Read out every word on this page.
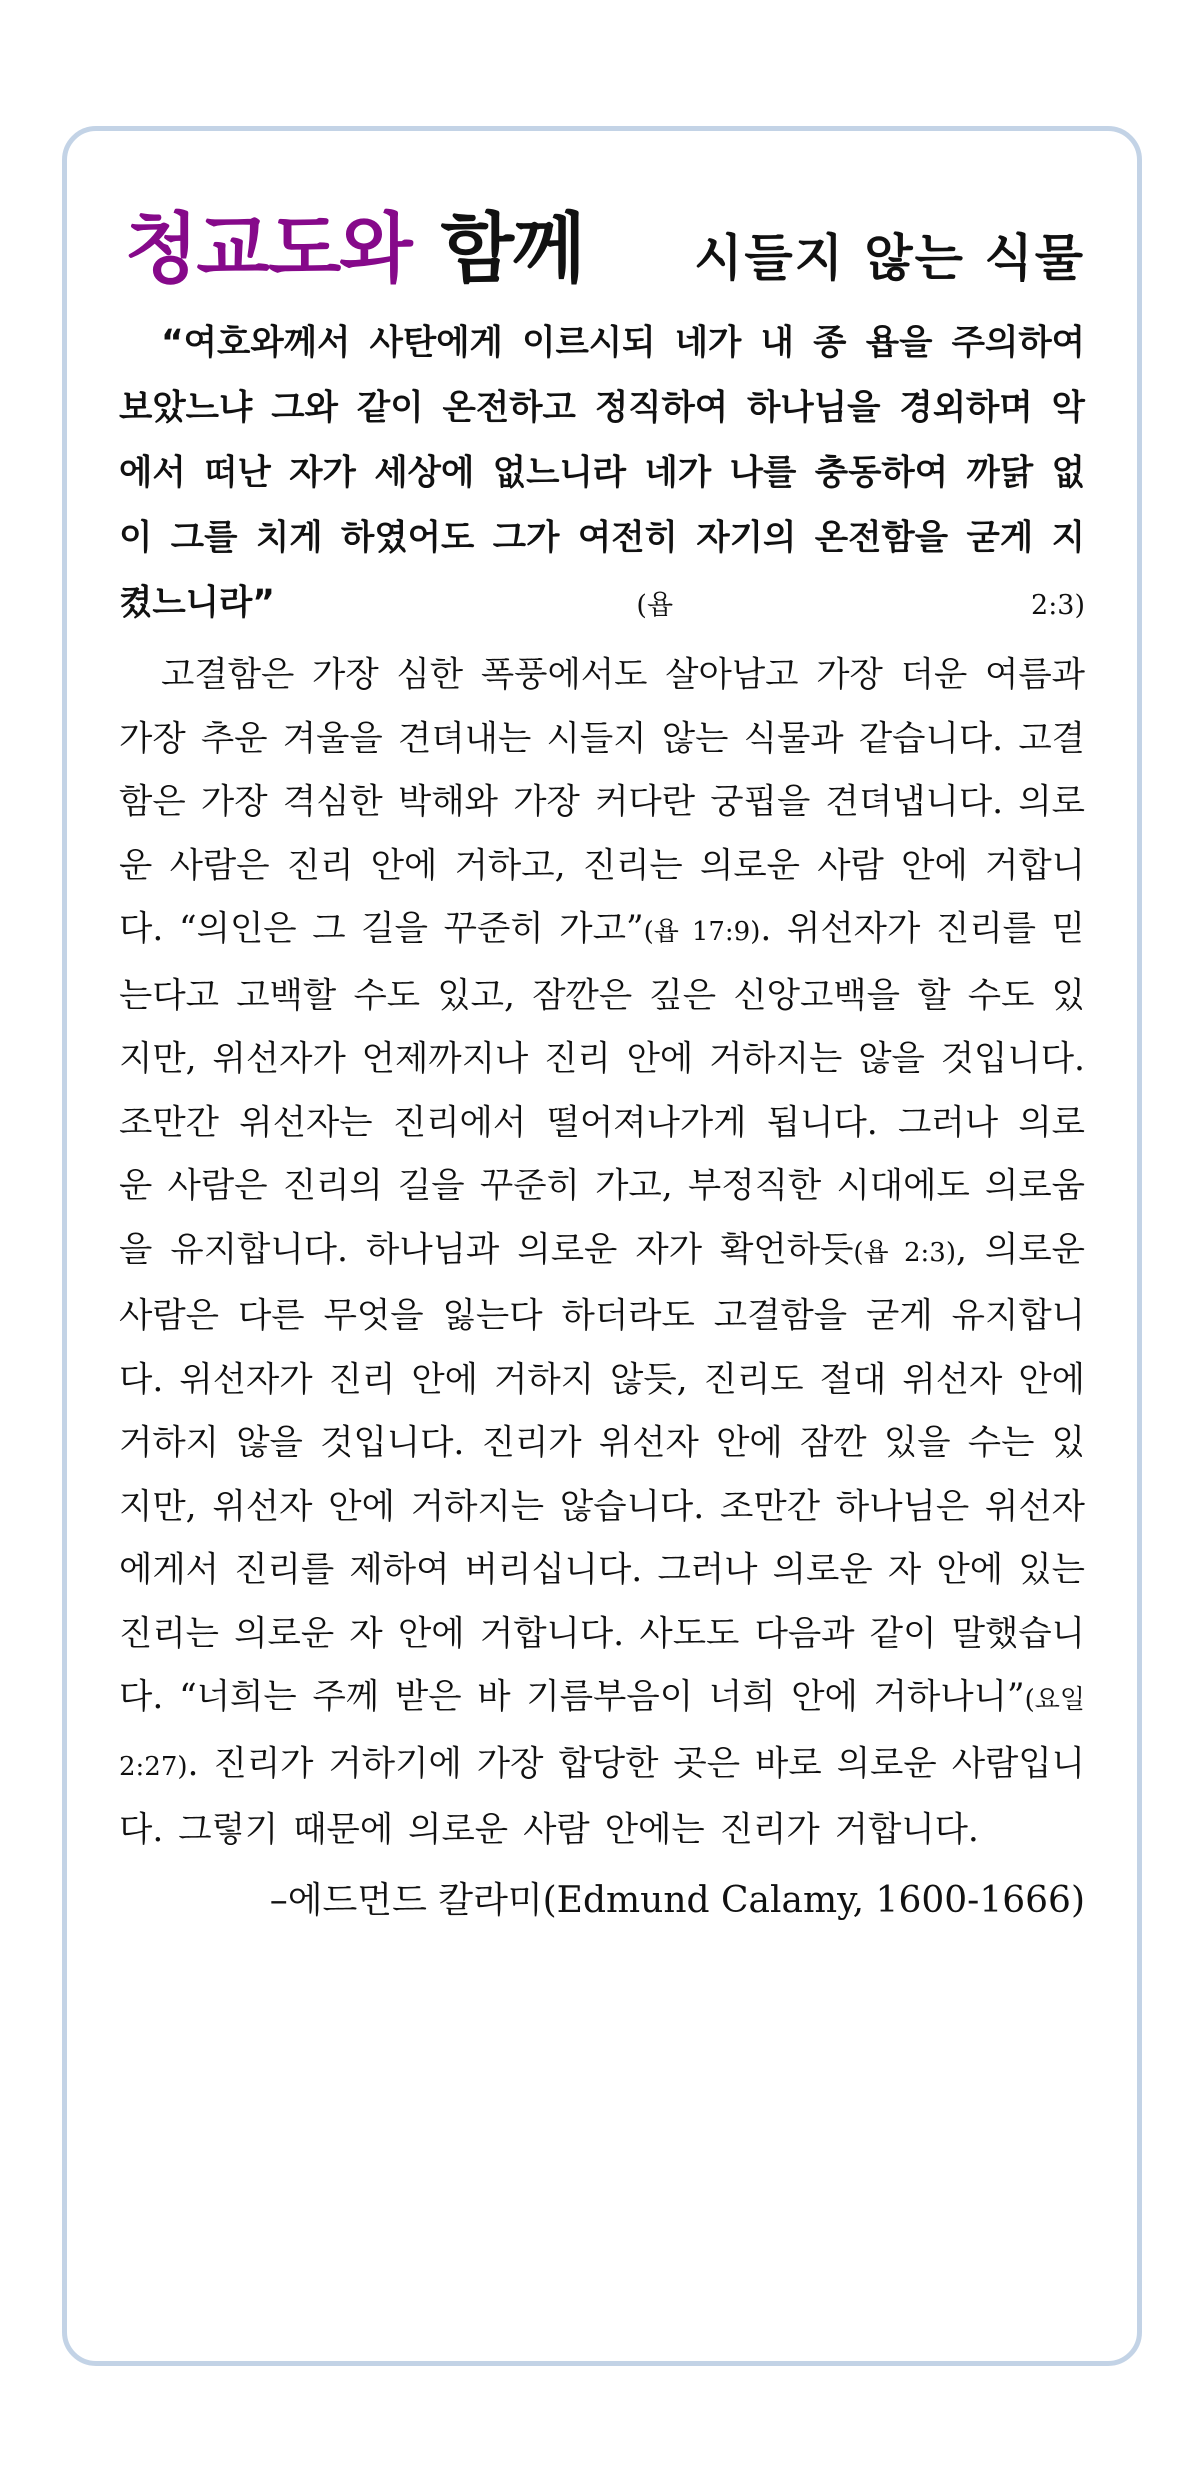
청교도와 함께 시들지 않는 식물

“여호와께서 사탄에게 이르시되 네가 내 종 욥을 주의하여 보았느냐 그와 같이 온전하고 정직하여 하나님을 경외하며 악에서 떠난 자가 세상에 없느니라 네가 나를 충동하여 까닭 없이 그를 치게 하였어도 그가 여전히 자기의 온전함을 굳게 지켰느니라”	(욥 2:3)

고결함은 가장 심한 폭풍에서도 살아남고 가장 더운 여름과 가장 추운 겨울을 견뎌내는 시들지 않는 식물과 같습니다. 고결함은 가장 격심한 박해와 가장 커다란 궁핍을 견뎌냅니다. 의로운 사람은 진리 안에 거하고, 진리는 의로운 사람 안에 거합니다. “의인은 그 길을 꾸준히 가고”(욥 17:9). 위선자가 진리를 믿는다고 고백할 수도 있고, 잠깐은 깊은 신앙고백을 할 수도 있지만, 위선자가 언제까지나 진리 안에 거하지는 않을 것입니다. 조만간 위선자는 진리에서 떨어져나가게 됩니다. 그러나 의로운 사람은 진리의 길을 꾸준히 가고, 부정직한 시대에도 의로움을 유지합니다. 하나님과 의로운 자가 확언하듯(욥 2:3), 의로운 사람은 다른 무엇을 잃는다 하더라도 고결함을 굳게 유지합니다. 위선자가 진리 안에 거하지 않듯, 진리도 절대 위선자 안에 거하지 않을 것입니다. 진리가 위선자 안에 잠깐 있을 수는 있지만, 위선자 안에 거하지는 않습니다. 조만간 하나님은 위선자에게서 진리를 제하여 버리십니다. 그러나 의로운 자 안에 있는 진리는 의로운 자 안에 거합니다. 사도도 다음과 같이 말했습니다. “너희는 주께 받은 바 기름부음이 너희 안에 거하나니”(요일 2:27). 진리가 거하기에 가장 합당한 곳은 바로 의로운 사람입니다. 그렇기 때문에 의로운 사람 안에는 진리가 거합니다.

–에드먼드 칼라미(Edmund Calamy, 1600-1666)
